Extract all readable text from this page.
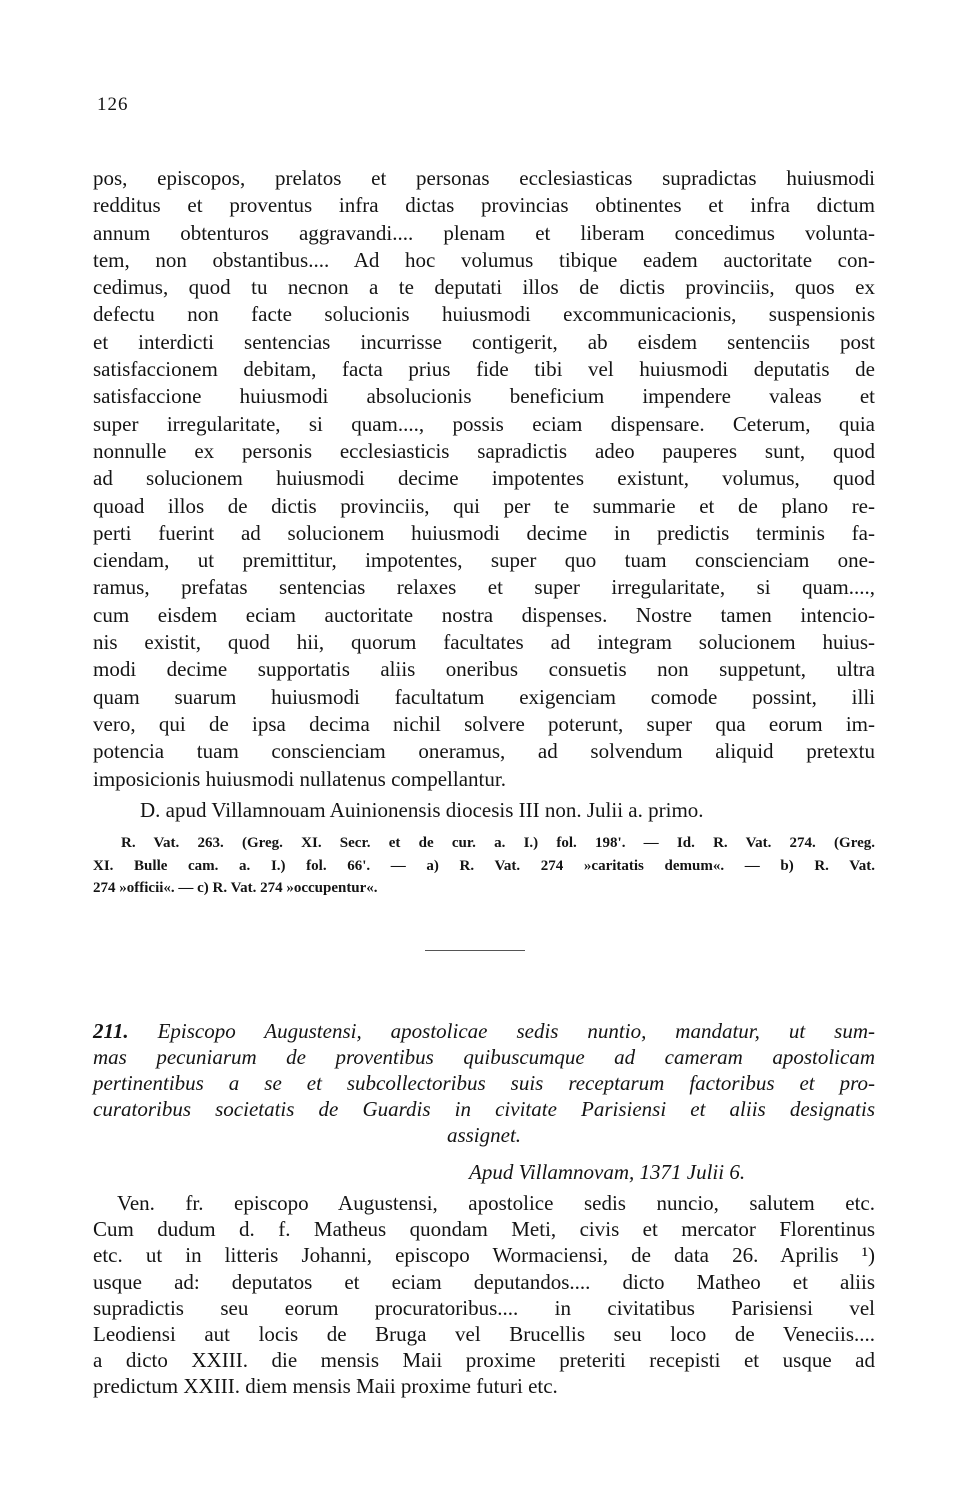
126
pos, episcopos, prelatos et personas ecclesiasticas supradictas huiusmodi
redditus et proventus infra dictas provincias obtinentes et infra dictum
annum obtenturos aggravandi.... plenam et liberam concedimus volunta-
tem, non obstantibus.... Ad hoc volumus tibique eadem auctoritate con-
cedimus, quod tu necnon a te deputati illos de dictis provinciis, quos ex
defectu non facte solucionis huiusmodi excommunicacionis, suspensionis
et interdicti sentencias incurrisse contigerit, ab eisdem sentenciis post
satisfaccionem debitam, facta prius fide tibi vel huiusmodi deputatis de
satisfaccione huiusmodi absolucionis beneficium impendere valeas et
super irregularitate, si quam...., possis eciam dispensare. Ceterum, quia
nonnulle ex personis ecclesiasticis sapradictis adeo pauperes sunt, quod
ad solucionem huiusmodi decime impotentes existunt, volumus, quod
quoad illos de dictis provinciis, qui per te summarie et de plano re-
perti fuerint ad solucionem huiusmodi decime in predictis terminis fa-
ciendam, ut premittitur, impotentes, super quo tuam conscienciam one-
ramus, prefatas sentencias relaxes et super irregularitate, si quam....,
cum eisdem eciam auctoritate nostra dispenses. Nostre tamen intencio-
nis existit, quod hii, quorum facultates ad integram solucionem huius-
modi decime supportatis aliis oneribus consuetis non suppetunt, ultra
quam suarum huiusmodi facultatum exigenciam comode possint, illi
vero, qui de ipsa decima nichil solvere poterunt, super qua eorum im-
potencia tuam conscienciam oneramus, ad solvendum aliquid pretextu
imposicionis huiusmodi nullatenus compellantur.
D. apud Villamnouam Auinionensis diocesis III non. Julii a. primo.
R. Vat. 263. (Greg. XI. Secr. et de cur. a. I.) fol. 198'. — Id. R. Vat. 274. (Greg.
XI. Bulle cam. a. I.) fol. 66'. — a) R. Vat. 274 »caritatis demum«. — b) R. Vat.
274 »officii«. — c) R. Vat. 274 »occupentur«.
211. Episcopo Augustensi, apostolicae sedis nuntio, mandatur, ut sum-
mas pecuniarum de proventibus quibuscumque ad cameram apostolicam
pertinentibus a se et subcollectoribus suis receptarum factoribus et pro-
curatoribus societatis de Guardis in civitate Parisiensi et aliis designatis
assignet.
Apud Villamnovam, 1371 Julii 6.
Ven. fr. episcopo Augustensi, apostolice sedis nuncio, salutem etc.
Cum dudum d. f. Matheus quondam Meti, civis et mercator Florentinus
etc. ut in litteris Johanni, episcopo Wormaciensi, de data 26. Aprilis ¹)
usque ad: deputatos et eciam deputandos.... dicto Matheo et aliis
supradictis seu eorum procuratoribus.... in civitatibus Parisiensi vel
Leodiensi aut locis de Bruga vel Brucellis seu loco de Veneciis....
a dicto XXIII. die mensis Maii proxime preteriti recepisti et usque ad
predictum XXIII. diem mensis Maii proxime futuri etc.
